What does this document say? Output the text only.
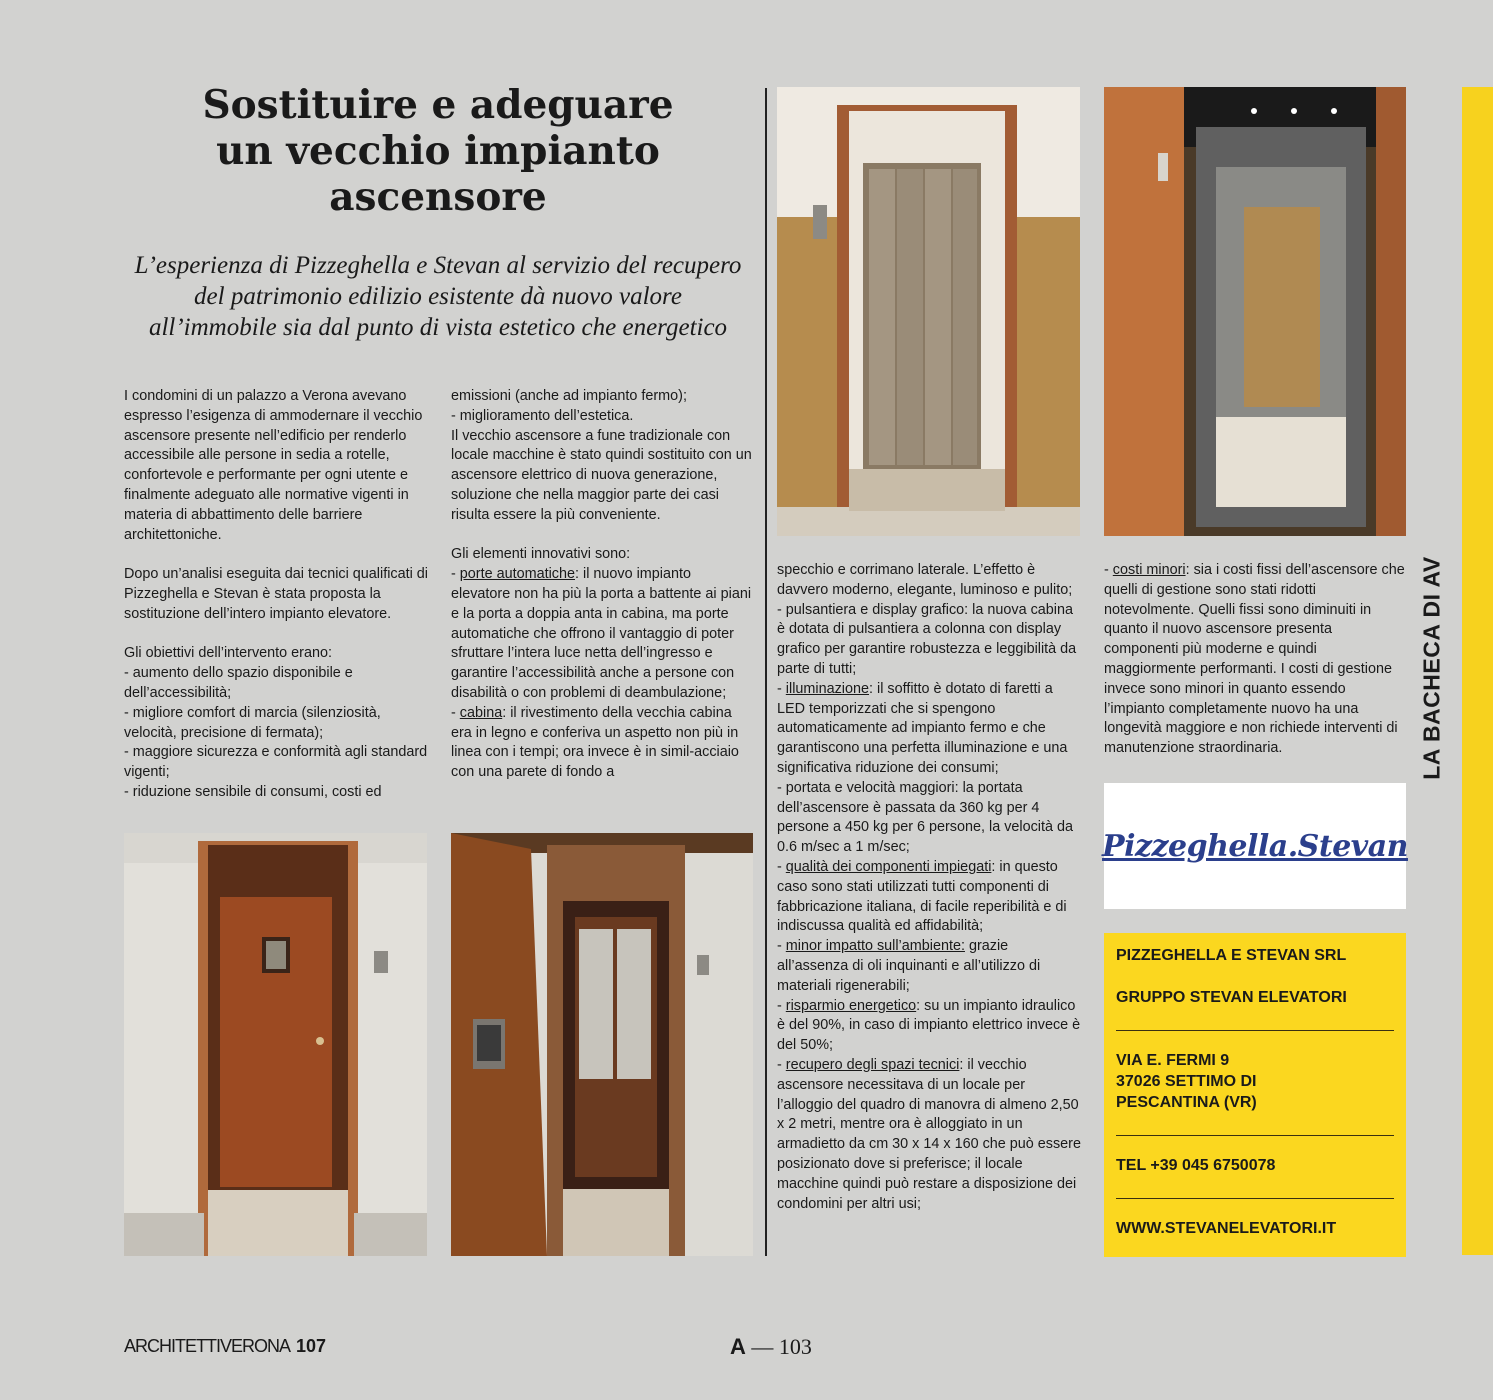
Sostituire e adeguare
un vecchio impianto
ascensore

L’esperienza di Pizzeghella e Stevan al servizio del recupero
del patrimonio edilizio esistente dà nuovo valore
all’immobile sia dal punto di vista estetico che energetico

I condomini di un palazzo a Verona avevano espresso l’esigenza di ammodernare il vecchio ascensore presente nell’edificio per renderlo accessibile alle persone in sedia a rotelle, confortevole e performante per ogni utente e finalmente adeguato alle normative vigenti in materia di abbattimento delle barriere architettoniche.

Dopo un’analisi eseguita dai tecnici qualificati di Pizzeghella e Stevan è stata proposta la sostituzione dell’intero impianto elevatore.

Gli obiettivi dell’intervento erano:
- aumento dello spazio disponibile e dell’accessibilità;
- migliore comfort di marcia (silenziosità, velocità, precisione di fermata);
- maggiore sicurezza e conformità agli standard vigenti;
- riduzione sensibile di consumi, costi ed

emissioni (anche ad impianto fermo);
- miglioramento dell’estetica.
Il vecchio ascensore a fune tradizionale con locale macchine è stato quindi sostituito con un ascensore elettrico di nuova generazione, soluzione che nella maggior parte dei casi risulta essere la più conveniente.

Gli elementi innovativi sono:
- porte automatiche: il nuovo impianto elevatore non ha più la porta a battente ai piani e la porta a doppia anta in cabina, ma porte automatiche che offrono il vantaggio di poter sfruttare l’intera luce netta dell’ingresso e garantire l’accessibilità anche a persone con disabilità o con problemi di deambulazione;
- cabina: il rivestimento della vecchia cabina era in legno e conferiva un aspetto non più in linea con i tempi; ora invece è in simil-acciaio con una parete di fondo a

specchio e corrimano laterale. L’effetto è davvero moderno, elegante, luminoso e pulito;
- pulsantiera e display grafico: la nuova cabina è dotata di pulsantiera a colonna con display grafico per garantire robustezza e leggibilità da parte di tutti;
- illuminazione: il soffitto è dotato di faretti a LED temporizzati che si spengono automaticamente ad impianto fermo e che garantiscono una perfetta illuminazione e una significativa riduzione dei consumi;
- portata e velocità maggiori: la portata dell’ascensore è passata da 360 kg per 4 persone a 450 kg per 6 persone, la velocità da 0.6 m/sec a 1 m/sec;
- qualità dei componenti impiegati: in questo caso sono stati utilizzati tutti componenti di fabbricazione italiana, di facile reperibilità e di indiscussa qualità ed affidabilità;
- minor impatto sull’ambiente: grazie all’assenza di oli inquinanti e all’utilizzo di materiali rigenerabili;
- risparmio energetico: su un impianto idraulico è del 90%, in caso di impianto elettrico invece è del 50%;
- recupero degli spazi tecnici: il vecchio ascensore necessitava di un locale per l’alloggio del quadro di manovra di almeno 2,50 x 2 metri, mentre ora è alloggiato in un armadietto da cm 30 x 14 x 160 che può essere posizionato dove si preferisce; il locale macchine quindi può restare a disposizione dei condomini per altri usi;

- costi minori: sia i costi fissi dell’ascensore che quelli di gestione sono stati ridotti notevolmente. Quelli fissi sono diminuiti in quanto il nuovo ascensore presenta componenti più moderne e quindi maggiormente performanti. I costi di gestione invece sono minori in quanto essendo l’impianto completamente nuovo ha una longevità maggiore e non richiede interventi di manutenzione straordinaria.

Pizzeghella.Stevan

PIZZEGHELLA E STEVAN SRL

GRUPPO STEVAN ELEVATORI

VIA E. FERMI 9

37026 SETTIMO DI

PESCANTINA (VR)

TEL +39 045 6750078

WWW.STEVANELEVATORI.IT

LA BACHECA DI AV
ARCHITETTIVERONA 107	A — 103
